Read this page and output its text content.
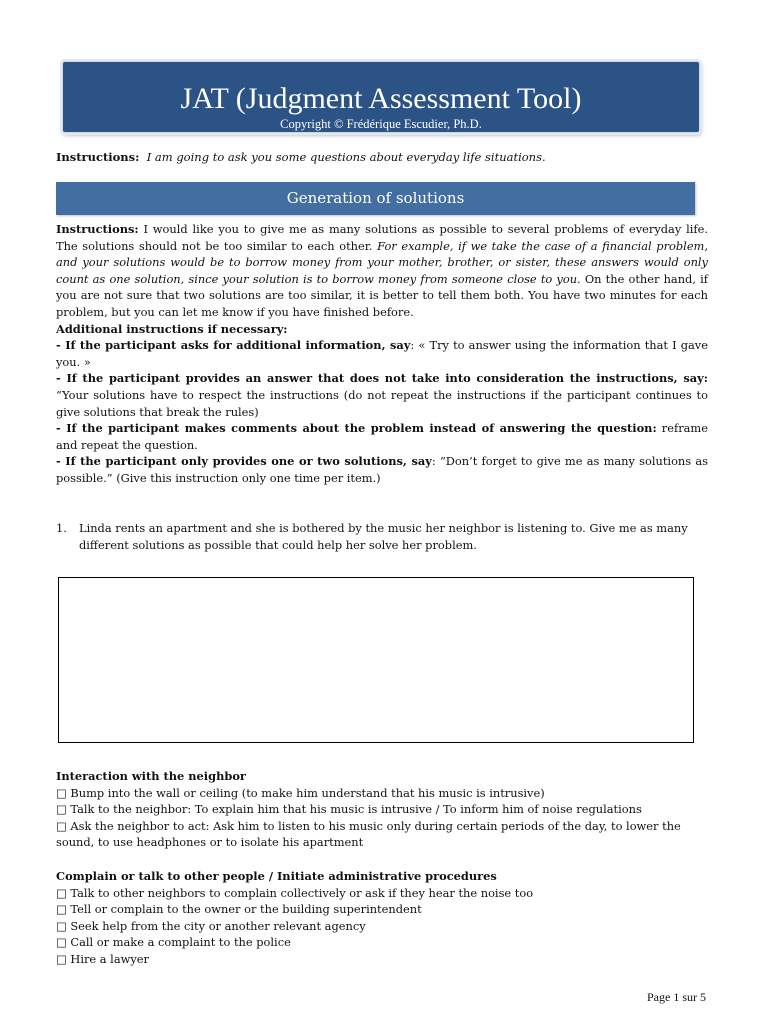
JAT (Judgment Assessment Tool)
Copyright © Frédérique Escudier, Ph.D.
Instructions: I am going to ask you some questions about everyday life situations.
Generation of solutions

Instructions: I would like you to give me as many solutions as possible to several problems of everyday life. The solutions should not be too similar to each other. For example, if we take the case of a financial problem, and your solutions would be to borrow money from your mother, brother, or sister, these answers would only count as one solution, since your solution is to borrow money from someone close to you. On the other hand, if you are not sure that two solutions are too similar, it is better to tell them both. You have two minutes for each problem, but you can let me know if you have finished before.

Additional instructions if necessary:

- If the participant asks for additional information, say: « Try to answer using the information that I gave you. »

- If the participant provides an answer that does not take into consideration the instructions, say: “Your solutions have to respect the instructions (do not repeat the instructions if the participant continues to give solutions that break the rules)

- If the participant makes comments about the problem instead of answering the question: reframe and repeat the question.

- If the participant only provides one or two solutions, say: “Don’t forget to give me as many solutions as possible.” (Give this instruction only one time per item.)

1. Linda rents an apartment and she is bothered by the music her neighbor is listening to. Give me as many different solutions as possible that could help her solve her problem.
Interaction with the neighbor
□ Bump into the wall or ceiling (to make him understand that his music is intrusive)
□ Talk to the neighbor: To explain him that his music is intrusive / To inform him of noise regulations
□ Ask the neighbor to act: Ask him to listen to his music only during certain periods of the day, to lower the sound, to use headphones or to isolate his apartment
Complain or talk to other people / Initiate administrative procedures
□ Talk to other neighbors to complain collectively or ask if they hear the noise too
□ Tell or complain to the owner or the building superintendent
□ Seek help from the city or another relevant agency
□ Call or make a complaint to the police
□ Hire a lawyer
Page 1 sur 5
